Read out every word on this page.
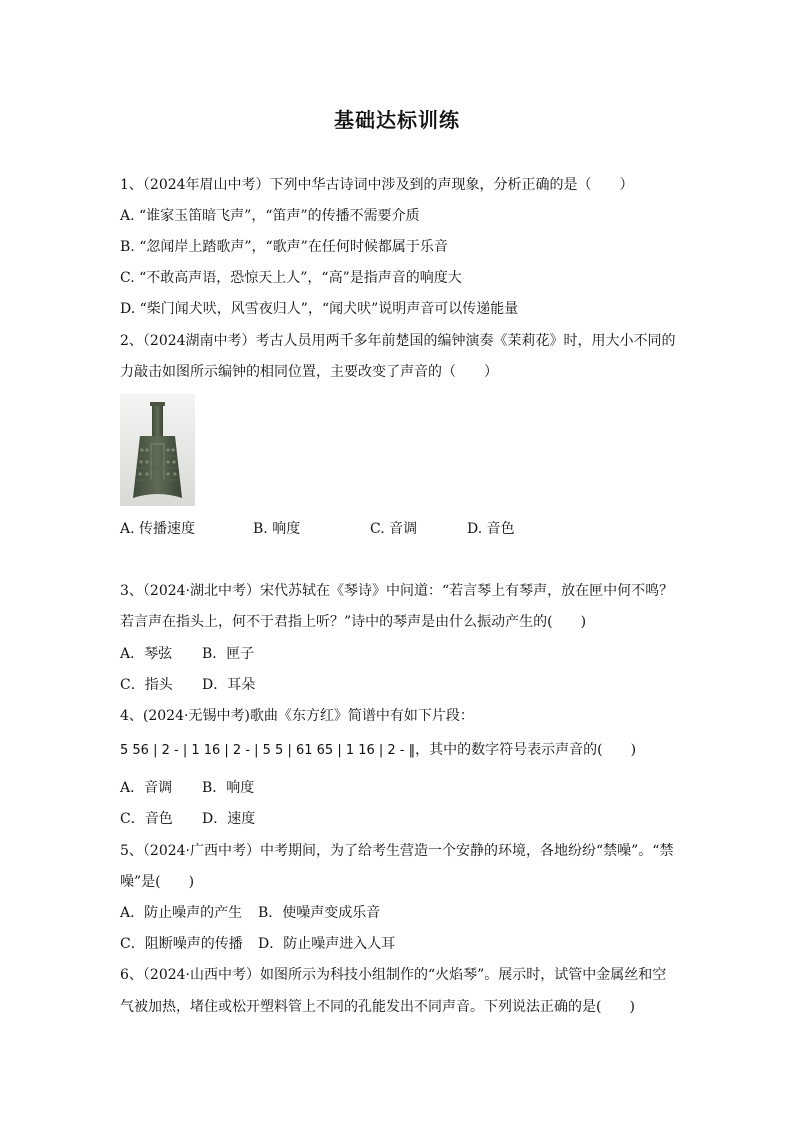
基础达标训练
1、（2024年眉山中考）下列中华古诗词中涉及到的声现象，分析正确的是（　　）
A. “谁家玉笛暗飞声”，“笛声”的传播不需要介质
B. “忽闻岸上踏歌声”，“歌声”在任何时候都属于乐音
C. “不敢高声语，恐惊天上人”，“高”是指声音的响度大
D. “柴门闻犬吠，风雪夜归人”，“闻犬吠”说明声音可以传递能量
2、（2024湖南中考）考古人员用两千多年前楚国的编钟演奏《茉莉花》时，用大小不同的
力敲击如图所示编钟的相同位置，主要改变了声音的（　　）
A. 传播速度	B. 响度	C. 音调	D. 音色
3、（2024·湖北中考）宋代苏轼在《琴诗》中问道：“若言琴上有琴声，放在匣中何不鸣？
若言声在指头上，何不于君指上听？”诗中的琴声是由什么振动产生的(　　)
A．琴弦 B．匣子
C．指头 D．耳朵
4、(2024·无锡中考)歌曲《东方红》简谱中有如下片段：
5 56 | 2 - | 1 16 | 2 - | 5 5 | 61 65 | 1 16 | 2 - ‖，其中的数字符号表示声音的(　　)
A．音调 B．响度
C．音色 D．速度
5、（2024·广西中考）中考期间，为了给考生营造一个安静的环境，各地纷纷“禁噪”。“禁
噪”是(　　)
A．防止噪声的产生 B．使噪声变成乐音
C．阻断噪声的传播 D．防止噪声进入人耳
6、（2024·山西中考）如图所示为科技小组制作的“火焰琴”。展示时，试管中金属丝和空
气被加热，堵住或松开塑料管上不同的孔能发出不同声音。下列说法正确的是(　　)
